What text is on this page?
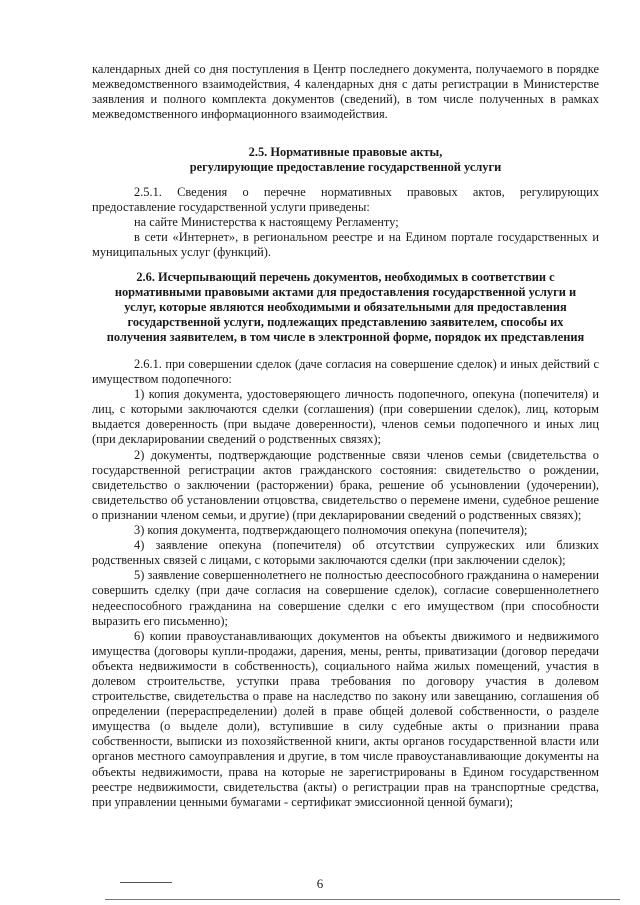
календарных дней со дня поступления в Центр последнего документа, получаемого в порядке межведомственного взаимодействия, 4 календарных дня с даты регистрации в Министерстве заявления и полного комплекта документов (сведений), в том числе полученных в рамках межведомственного информационного взаимодействия.

2.5. Нормативные правовые акты,
регулирующие предоставление государственной услуги

2.5.1. Сведения о перечне нормативных правовых актов, регулирующих предоставление государственной услуги приведены:

на сайте Министерства к настоящему Регламенту;

в сети «Интернет», в региональном реестре и на Едином портале государственных и муниципальных услуг (функций).

2.6. Исчерпывающий перечень документов, необходимых в соответствии с
нормативными правовыми актами для предоставления государственной услуги и
услуг, которые являются необходимыми и обязательными для предоставления
государственной услуги, подлежащих представлению заявителем, способы их
получения заявителем, в том числе в электронной форме, порядок их представления

2.6.1. при совершении сделок (даче согласия на совершение сделок) и иных действий с имуществом подопечного:

1) копия документа, удостоверяющего личность подопечного, опекуна (попечителя) и лиц, с которыми заключаются сделки (соглашения) (при совершении сделок), лиц, которым выдается доверенность (при выдаче доверенности), членов семьи подопечного и иных лиц (при декларировании сведений о родственных связях);

2) документы, подтверждающие родственные связи членов семьи (свидетельства о государственной регистрации актов гражданского состояния: свидетельство о рождении, свидетельство о заключении (расторжении) брака, решение об усыновлении (удочерении), свидетельство об установлении отцовства, свидетельство о перемене имени, судебное решение о признании членом семьи, и другие) (при декларировании сведений о родственных связях);

3) копия документа, подтверждающего полномочия опекуна (попечителя);

4) заявление опекуна (попечителя) об отсутствии супружеских или близких родственных связей с лицами, с которыми заключаются сделки (при заключении сделок);

5) заявление совершеннолетнего не полностью дееспособного гражданина о намерении совершить сделку (при даче согласия на совершение сделок), согласие совершеннолетнего недееспособного гражданина на совершение сделки с его имуществом (при способности выразить его письменно);

6) копии правоустанавливающих документов на объекты движимого и недвижимого имущества (договоры купли-продажи, дарения, мены, ренты, приватизации (договор передачи объекта недвижимости в собственность), социального найма жилых помещений, участия в долевом строительстве, уступки права требования по договору участия в долевом строительстве, свидетельства о праве на наследство по закону или завещанию, соглашения об определении (перераспределении) долей в праве общей долевой собственности, о разделе имущества (о выделе доли), вступившие в силу судебные акты о признании права собственности, выписки из похозяйственной книги, акты органов государственной власти или органов местного самоуправления и другие, в том числе правоустанавливающие документы на объекты недвижимости, права на которые не зарегистрированы в Едином государственном реестре недвижимости, свидетельства (акты) о регистрации прав на транспортные средства, при управлении ценными бумагами - сертификат эмиссионной ценной бумаги);

6
